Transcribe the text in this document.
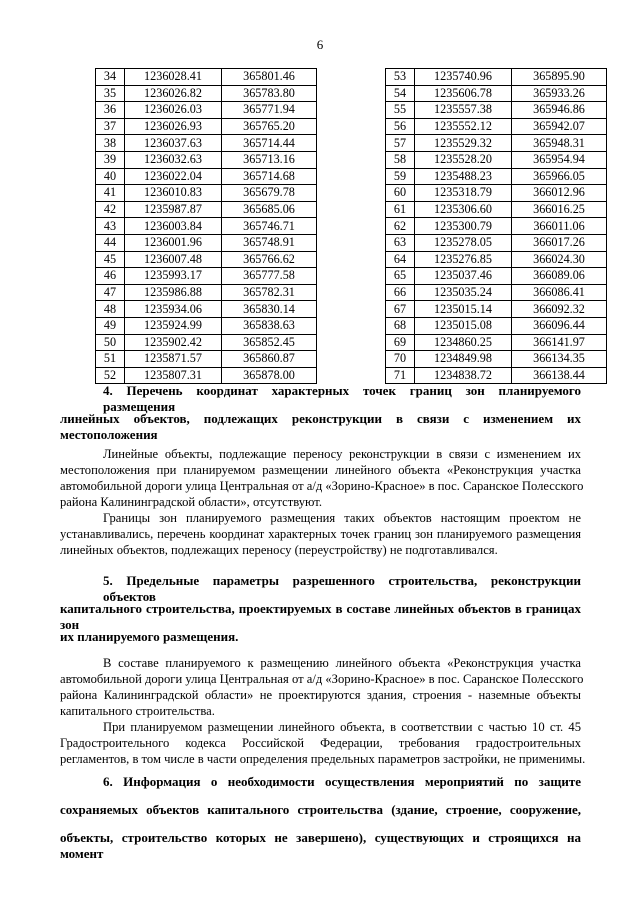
6
34	1236028.41	365801.46
35	1236026.82	365783.80
36	1236026.03	365771.94
37	1236026.93	365765.20
38	1236037.63	365714.44
39	1236032.63	365713.16
40	1236022.04	365714.68
41	1236010.83	365679.78
42	1235987.87	365685.06
43	1236003.84	365746.71
44	1236001.96	365748.91
45	1236007.48	365766.62
46	1235993.17	365777.58
47	1235986.88	365782.31
48	1235934.06	365830.14
49	1235924.99	365838.63
50	1235902.42	365852.45
51	1235871.57	365860.87
52	1235807.31	365878.00
53	1235740.96	365895.90
54	1235606.78	365933.26
55	1235557.38	365946.86
56	1235552.12	365942.07
57	1235529.32	365948.31
58	1235528.20	365954.94
59	1235488.23	365966.05
60	1235318.79	366012.96
61	1235306.60	366016.25
62	1235300.79	366011.06
63	1235278.05	366017.26
64	1235276.85	366024.30
65	1235037.46	366089.06
66	1235035.24	366086.41
67	1235015.14	366092.32
68	1235015.08	366096.44
69	1234860.25	366141.97
70	1234849.98	366134.35
71	1234838.72	366138.44
4. Перечень координат характерных точек границ зон планируемого размещения
линейных объектов, подлежащих реконструкции в связи с изменением их местоположения
Линейные объекты, подлежащие переносу реконструкции в связи с изменением их
местоположения при планируемом размещении линейного объекта «Реконструкция участка
автомобильной дороги улица Центральная от а/д «Зорино-Красное» в пос. Саранское Полесского
района Калининградской области», отсутствуют.
Границы зон планируемого размещения таких объектов настоящим проектом не
устанавливались, перечень координат характерных точек границ зон планируемого размещения
линейных объектов, подлежащих переносу (переустройству) не подготавливался.
5. Предельные параметры разрешенного строительства, реконструкции объектов
капитального строительства, проектируемых в составе линейных объектов в границах зон
их планируемого размещения.
В составе планируемого к размещению линейного объекта «Реконструкция участка
автомобильной дороги улица Центральная от а/д «Зорино-Красное» в пос. Саранское Полесского
района Калининградской области» не проектируются здания, строения - наземные объекты
капитального строительства.
При планируемом размещении линейного объекта, в соответствии с частью 10 ст. 45
Градостроительного кодекса Российской Федерации, требования градостроительных
регламентов, в том числе в части определения предельных параметров застройки, не применимы.
6. Информация о необходимости осуществления мероприятий по защите
сохраняемых объектов капитального строительства (здание, строение, сооружение,
объекты, строительство которых не завершено), существующих и строящихся на момент
